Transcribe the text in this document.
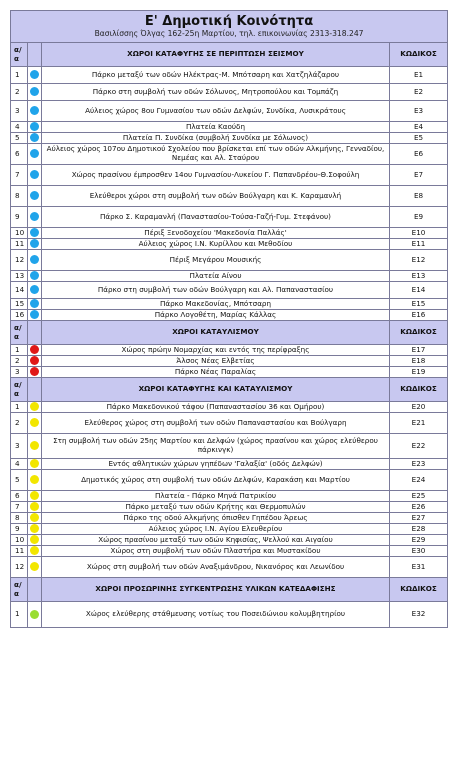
Ε' Δημοτική Κοινότητα
Βασιλίσσης Όλγας 162-25η Μαρτίου, τηλ. επικοινωνίας 2313-318.247			

α/α		ΧΩΡΟΙ ΚΑΤΑΦΥΓΗΣ ΣΕ ΠΕΡΙΠΤΩΣΗ ΣΕΙΣΜΟΥ	ΚΩΔΙΚΟΣ
1		Πάρκο μεταξύ των οδών Ηλέκτρας-Μ. Μπότσαρη και Χατζηλάζαρου	E1
2		Πάρκο στη συμβολή των οδών Σόλωνος, Μητροπούλου και Τομπάζη	E2
3		Αύλειος χώρος 8ου Γυμνασίου των οδών Δελφών, Συνδίκα, Λυσικράτους	E3
4		Πλατεία Καούδη	E4
5		Πλατεία Π. Συνδίκα (συμβολή Συνδίκα με Σόλωνος)	E5
6		Αύλειος χώρος 107ου Δημοτικού Σχολείου που βρίσκεται επί των οδών Αλκμήνης, Γενναδίου, Νεμέας και Αλ. Σταύρου	E6
7		Χώρος πρασίνου έμπροσθεν 14ου Γυμνασίου-Λυκείου Γ. Παπανδρέου-Θ.Σοφούλη	E7
8		Ελεύθεροι χώροι στη συμβολή των οδών Βούλγαρη και Κ. Καραμανλή	E8
9		Πάρκο Σ. Καραμανλή (Παναστασίου-Τούσα-Γαζή-Γυμ. Στεφάνου)	E9
10		Πέριξ Ξενοδοχείου 'Μακεδονία Παλλάς'	E10
11		Αύλειος χώρος Ι.Ν. Κυρίλλου και Μεθοδίου	E11
12		Πέριξ Μεγάρου Μουσικής	E12
13		Πλατεία Αίνου	E13
14		Πάρκο στη συμβολή των οδών Βούλγαρη και Αλ. Παπαναστασίου	E14
15		Πάρκο Μακεδονίας, Μπότσαρη	E15
16		Πάρκο Λογοθέτη, Μαρίας Κάλλας	E16
α/α		ΧΩΡΟΙ ΚΑΤΑΥΛΙΣΜΟΥ	ΚΩΔΙΚΟΣ
1		Χώρος πρώην Νομαρχίας και εντός της περίφραξης	E17
2		Άλσος Νέας Ελβετίας	E18
3		Πάρκο Νέας Παραλίας	E19
α/α		ΧΩΡΟΙ ΚΑΤΑΦΥΓΗΣ ΚΑΙ ΚΑΤΑΥΛΙΣΜΟΥ	ΚΩΔΙΚΟΣ
1		Πάρκο Μακεδονικού τάφου (Παπαναστασίου 36 και Ομήρου)	E20
2		Ελεύθερος χώρος στη συμβολή των οδών Παπαναστασίου και Βούλγαρη	E21
3		Στη συμβολή των οδών 25ης Μαρτίου και Δελφών (χώρος πρασίνου και χώρος ελεύθερου πάρκινγκ)	E22
4		Εντός αθλητικών χώρων γηπέδων 'Γαλαξία' (οδός Δελφών)	E23
5		Δημοτικός χώρος στη συμβολή των οδών Δελφών, Καρακάση και Μαρτίου	E24
6		Πλατεία - Πάρκο Μηνά Πατρικίου	E25
7		Πάρκο μεταξύ των οδών Κρήτης και Θερμοπυλών	E26
8		Πάρκο της οδού Αλκμήνης όπισθεν Γηπέδου Άρεως	E27
9		Αύλειος χώρος Ι.Ν. Αγίου Ελευθερίου	E28
10		Χώρος πρασίνου μεταξύ των οδών Κηφισίας, Ψελλού και Αιγαίου	E29
11		Χώρος στη συμβολή των οδών Πλαστήρα και Μυστακίδου	E30
12		Χώρος στη συμβολή των οδών Αναξιμάνδρου, Νικανόρος και Λεωνίδου	E31
α/α		ΧΩΡΟΙ ΠΡΟΣΩΡΙΝΗΣ ΣΥΓΚΕΝΤΡΩΣΗΣ ΥΛΙΚΩΝ ΚΑΤΕΔΑΦΙΣΗΣ	ΚΩΔΙΚΟΣ
1		Χώρος ελεύθερης στάθμευσης νοτίως του Ποσειδώνιου κολυμβητηρίου	E32
